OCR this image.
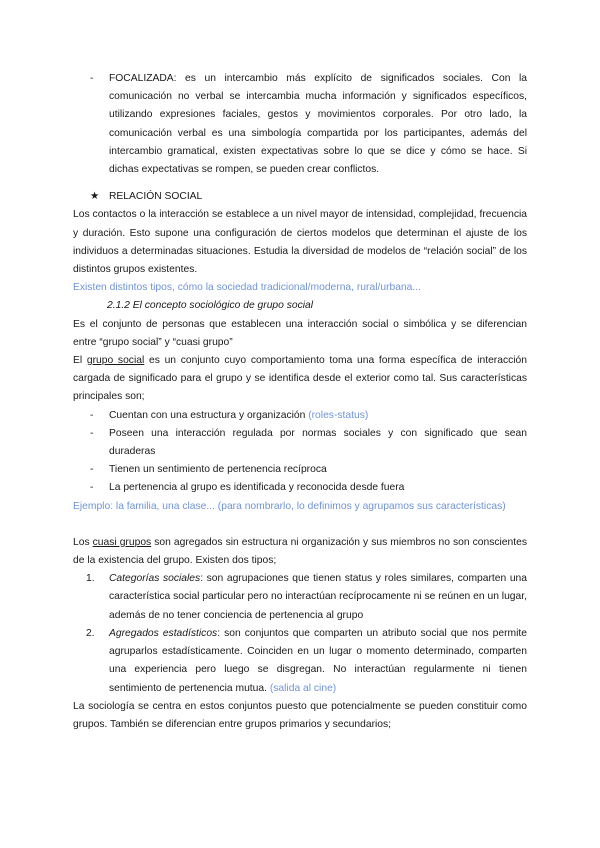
-	FOCALIZADA: es un intercambio más explícito de significados sociales. Con la comunicación no verbal se intercambia mucha información y significados específicos, utilizando expresiones faciales, gestos y movimientos corporales. Por otro lado, la comunicación verbal es una simbología compartida por los participantes, además del intercambio gramatical, existen expectativas sobre lo que se dice y cómo se hace. Si dichas expectativas se rompen, se pueden crear conflictos.
★ RELACIÓN SOCIAL
Los contactos o la interacción se establece a un nivel mayor de intensidad, complejidad, frecuencia y duración. Esto supone una configuración de ciertos modelos que determinan el ajuste de los individuos a determinadas situaciones. Estudia la diversidad de modelos de “relación social” de los distintos grupos existentes.
Existen distintos tipos, cómo la sociedad tradicional/moderna, rural/urbana...
2.1.2 El concepto sociológico de grupo social
Es el conjunto de personas que establecen una interacción social o simbólica y se diferencian entre “grupo social” y “cuasi grupo”
El grupo social es un conjunto cuyo comportamiento toma una forma específica de interacción cargada de significado para el grupo y se identifica desde el exterior como tal. Sus características principales son;
-	Cuentan con una estructura y organización (roles-status)
-	Poseen una interacción regulada por normas sociales y con significado que sean duraderas
-	Tienen un sentimiento de pertenencia recíproca
-	La pertenencia al grupo es identificada y reconocida desde fuera
Ejemplo: la familia, una clase... (para nombrarlo, lo definimos y agrupamos sus características)
Los cuasi grupos son agregados sin estructura ni organización y sus miembros no son conscientes de la existencia del grupo. Existen dos tipos;
1.	Categorías sociales: son agrupaciones que tienen status y roles similares, comparten una característica social particular pero no interactúan recíprocamente ni se reúnen en un lugar, además de no tener conciencia de pertenencia al grupo
2.	Agregados estadísticos: son conjuntos que comparten un atributo social que nos permite agruparlos estadísticamente. Coinciden en un lugar o momento determinado, comparten una experiencia pero luego se disgregan. No interactúan regularmente ni tienen sentimiento de pertenencia mutua. (salida al cine)
La sociología se centra en estos conjuntos puesto que potencialmente se pueden constituir como grupos. También se diferencian entre grupos primarios y secundarios;
